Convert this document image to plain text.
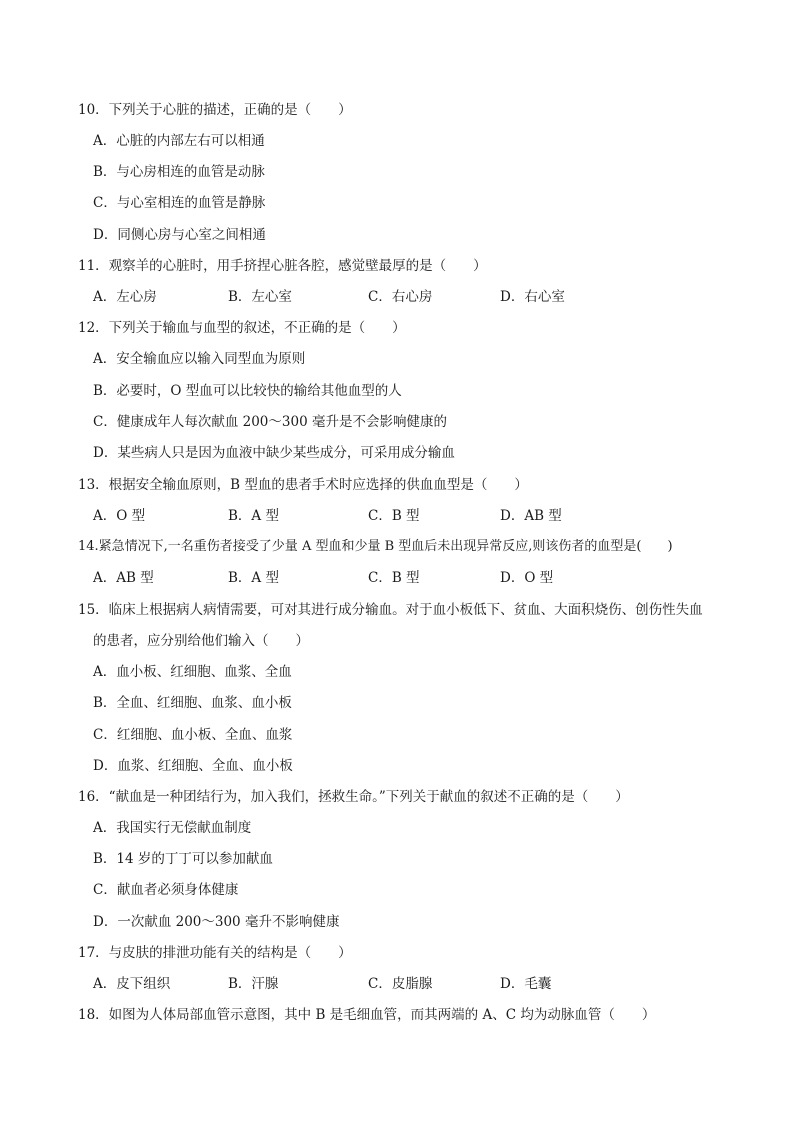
10．下列关于心脏的描述，正确的是（　　）
A．心脏的内部左右可以相通
B．与心房相连的血管是动脉
C．与心室相连的血管是静脉
D．同侧心房与心室之间相通
11．观察羊的心脏时，用手挤捏心脏各腔，感觉壁最厚的是（　　）
A．左心房	B．左心室	C．右心房	D．右心室
12．下列关于输血与血型的叙述，不正确的是（　　）
A．安全输血应以输入同型血为原则
B．必要时，O 型血可以比较快的输给其他血型的人
C．健康成年人每次献血 200～300 毫升是不会影响健康的
D．某些病人只是因为血液中缺少某些成分，可采用成分输血
13．根据安全输血原则，B 型血的患者手术时应选择的供血血型是（　　）
A．O 型	B．A 型	C．B 型	D．AB 型
14.紧急情况下,一名重伤者接受了少量 A 型血和少量 B 型血后未出现异常反应,则该伤者的血型是(　　)
A．AB 型	B．A 型	C．B 型	D．O 型
15．临床上根据病人病情需要，可对其进行成分输血。对于血小板低下、贫血、大面积烧伤、创伤性失血
的患者，应分别给他们输入（　　）
A．血小板、红细胞、血浆、全血
B．全血、红细胞、血浆、血小板
C．红细胞、血小板、全血、血浆
D．血浆、红细胞、全血、血小板
16．“献血是一种团结行为，加入我们，拯救生命。”下列关于献血的叙述不正确的是（　　）
A．我国实行无偿献血制度
B．14 岁的丁丁可以参加献血
C．献血者必须身体健康
D．一次献血 200～300 毫升不影响健康
17．与皮肤的排泄功能有关的结构是（　　）
A．皮下组织	B．汗腺	C．皮脂腺	D．毛囊
18．如图为人体局部血管示意图，其中 B 是毛细血管，而其两端的 A、C 均为动脉血管（　　）
